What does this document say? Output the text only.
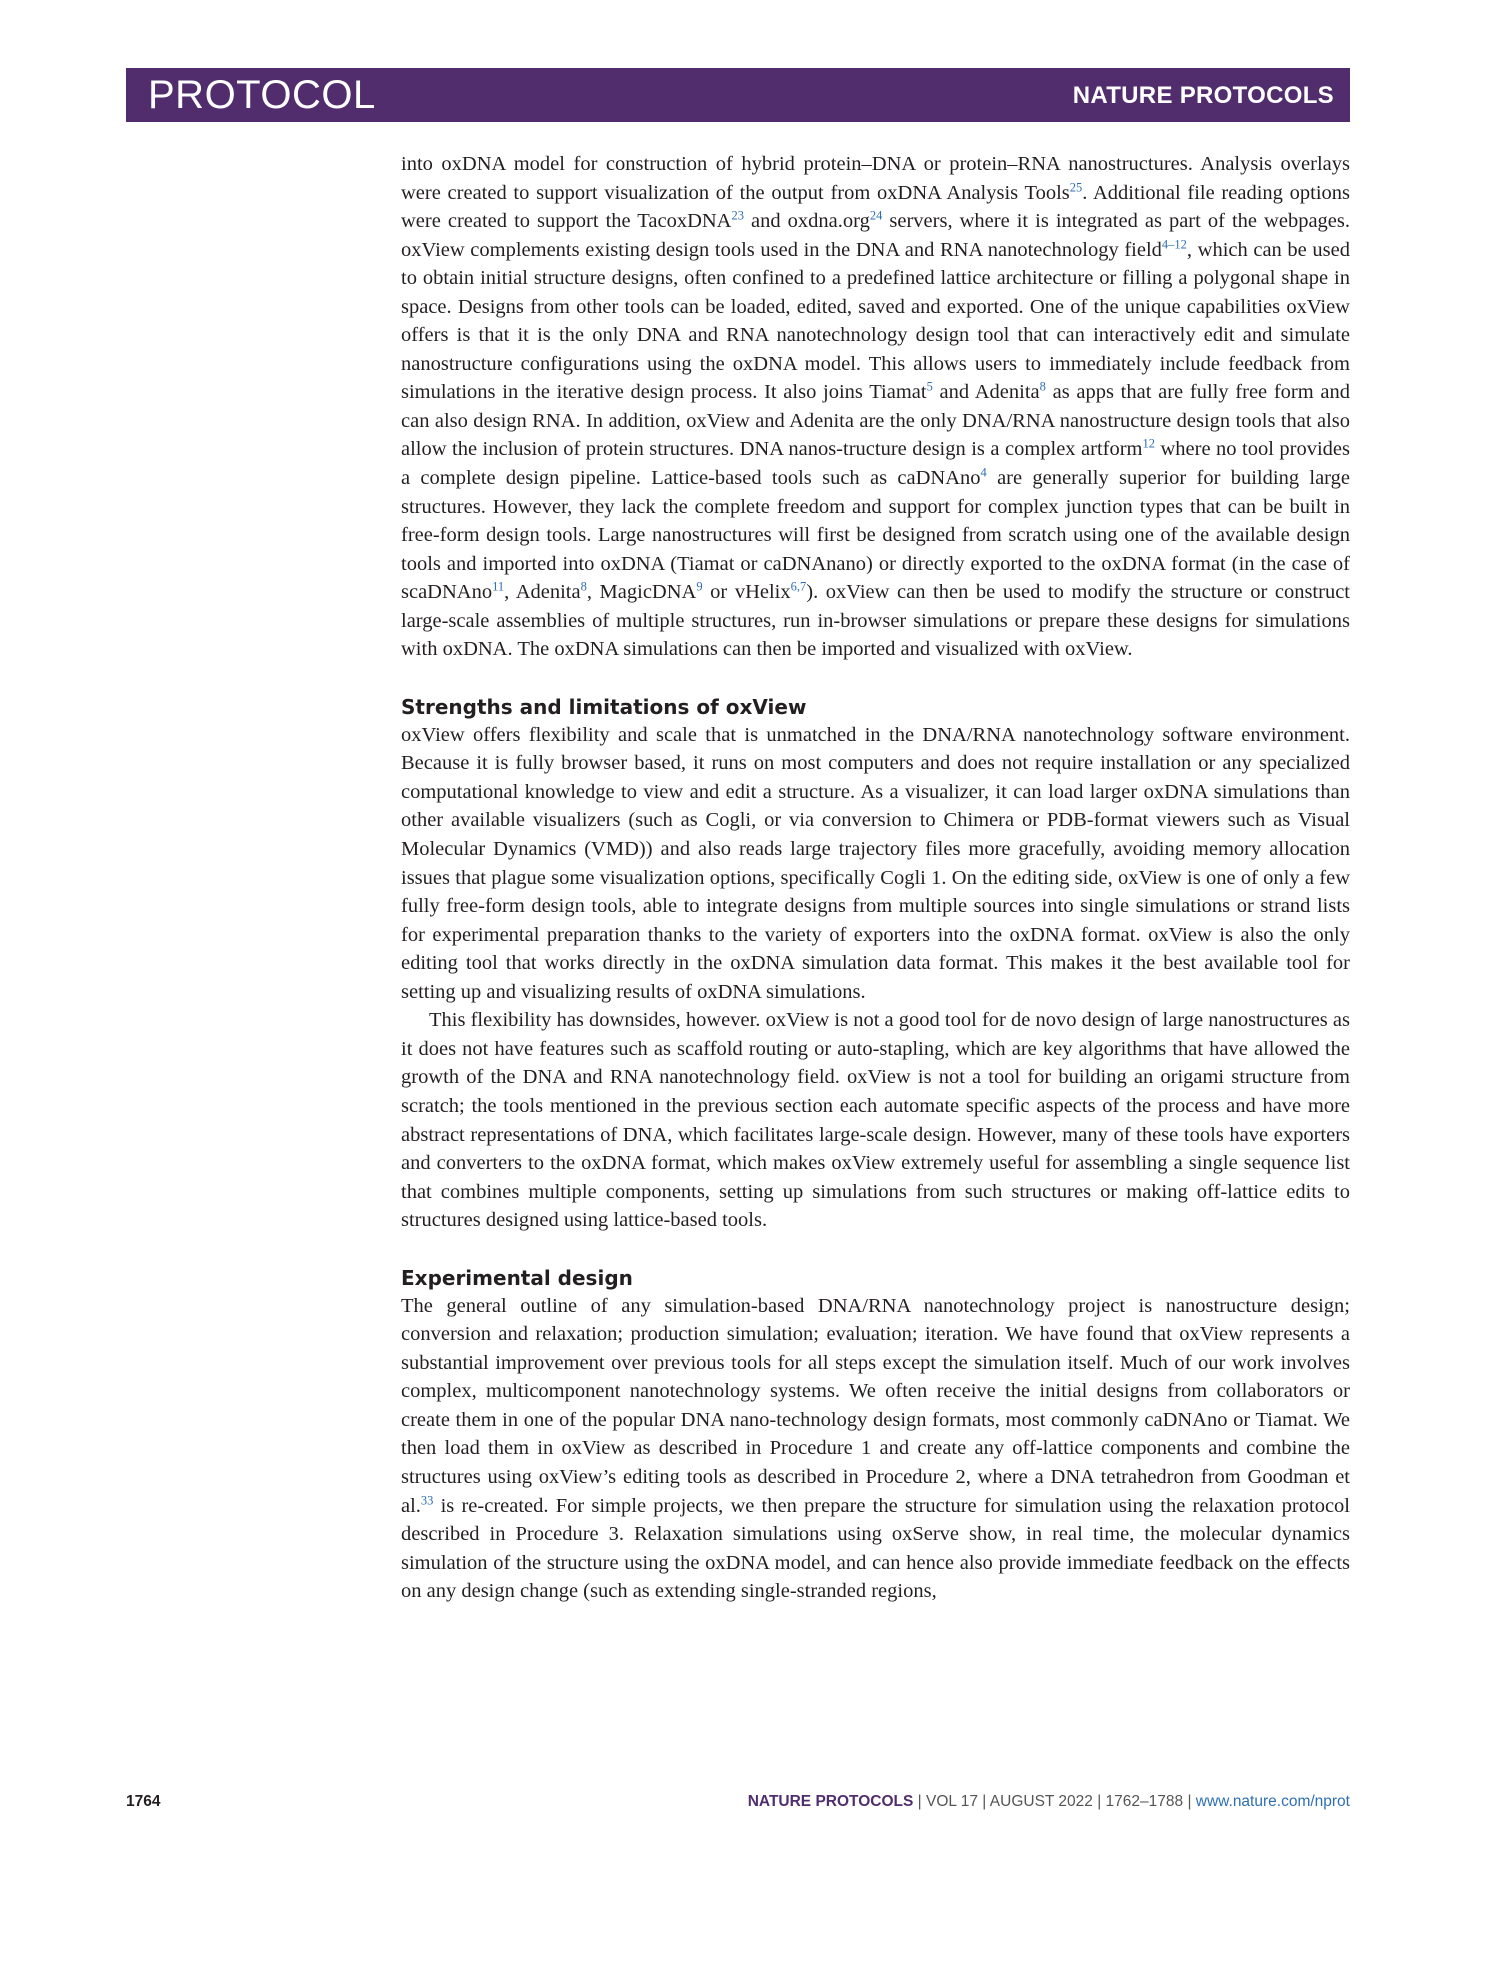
PROTOCOL	NATURE PROTOCOLS

into oxDNA model for construction of hybrid protein–DNA or protein–RNA nanostructures. Analysis overlays were created to support visualization of the output from oxDNA Analysis Tools$^{25}$. Additional file reading options were created to support the TacoxDNA$^{23}$ and oxdna.org$^{24}$ servers, where it is integrated as part of the webpages. oxView complements existing design tools used in the DNA and RNA nanotechnology field$^{4-12}$, which can be used to obtain initial structure designs, often confined to a predefined lattice architecture or filling a polygonal shape in space. Designs from other tools can be loaded, edited, saved and exported. One of the unique capabilities oxView offers is that it is the only DNA and RNA nanotechnology design tool that can interactively edit and simulate nanostructure configurations using the oxDNA model. This allows users to immediately include feedback from simulations in the iterative design process. It also joins Tiamat$^5$ and Adenita$^8$ as apps that are fully free form and can also design RNA. In addition, oxView and Adenita are the only DNA/​RNA nanostructure design tools that also allow the inclusion of protein structures. DNA nanos-​tructure design is a complex artform$^{12}$ where no tool provides a complete design pipeline. Lattice-​based tools such as caDNAno$^4$ are generally superior for building large structures. However, they lack the complete freedom and support for complex junction types that can be built in free-form design tools. Large nanostructures will first be designed from scratch using one of the available design tools and imported into oxDNA (Tiamat or caDNAnano) or directly exported to the oxDNA format (in the case of scaDNAno$^{11}$, Adenita$^8$, MagicDNA$^9$ or vHelix$^{6,7}$). oxView can then be used to modify the structure or construct large-scale assemblies of multiple structures, run in-browser simulations or prepare these designs for simulations with oxDNA. The oxDNA simulations can then be imported and visualized with oxView.

Strengths and limitations of oxView

oxView offers flexibility and scale that is unmatched in the DNA/RNA nanotechnology software environment. Because it is fully browser based, it runs on most computers and does not require installation or any specialized computational knowledge to view and edit a structure. As a visualizer, it can load larger oxDNA simulations than other available visualizers (such as Cogli, or via conversion to Chimera or PDB-format viewers such as Visual Molecular Dynamics (VMD)) and also reads large trajectory files more gracefully, avoiding memory allocation issues that plague some visualization options, specifically Cogli 1. On the editing side, oxView is one of only a few fully free-form design tools, able to integrate designs from multiple sources into single simulations or strand lists for experimental preparation thanks to the variety of exporters into the oxDNA format. oxView is also the only editing tool that works directly in the oxDNA simulation data format. This makes it the best available tool for setting up and visualizing results of oxDNA simulations.

This flexibility has downsides, however. oxView is not a good tool for de novo design of large nanostructures as it does not have features such as scaffold routing or auto-stapling, which are key algorithms that have allowed the growth of the DNA and RNA nanotechnology field. oxView is not a tool for building an origami structure from scratch; the tools mentioned in the previous section each automate specific aspects of the process and have more abstract representations of DNA, which facilitates large-scale design. However, many of these tools have exporters and converters to the oxDNA format, which makes oxView extremely useful for assembling a single sequence list that combines multiple components, setting up simulations from such structures or making off-lattice edits to structures designed using lattice-based tools.

Experimental design

The general outline of any simulation-based DNA/RNA nanotechnology project is nanostructure design; conversion and relaxation; production simulation; evaluation; iteration. We have found that oxView represents a substantial improvement over previous tools for all steps except the simulation itself. Much of our work involves complex, multicomponent nanotechnology systems. We often receive the initial designs from collaborators or create them in one of the popular DNA nano-​technology design formats, most commonly caDNAno or Tiamat. We then load them in oxView as described in Procedure 1 and create any off-lattice components and combine the structures using oxView’s editing tools as described in Procedure 2, where a DNA tetrahedron from Goodman et al.$^{33}$ is re-created. For simple projects, we then prepare the structure for simulation using the relaxation protocol described in Procedure 3. Relaxation simulations using oxServe show, in real time, the molecular dynamics simulation of the structure using the oxDNA model, and can hence also provide immediate feedback on the effects on any design change (such as extending single-stranded regions,

1764	NATURE PROTOCOLS | VOL 17 | AUGUST 2022 | 1762–1788 | www.nature.com/nprot
